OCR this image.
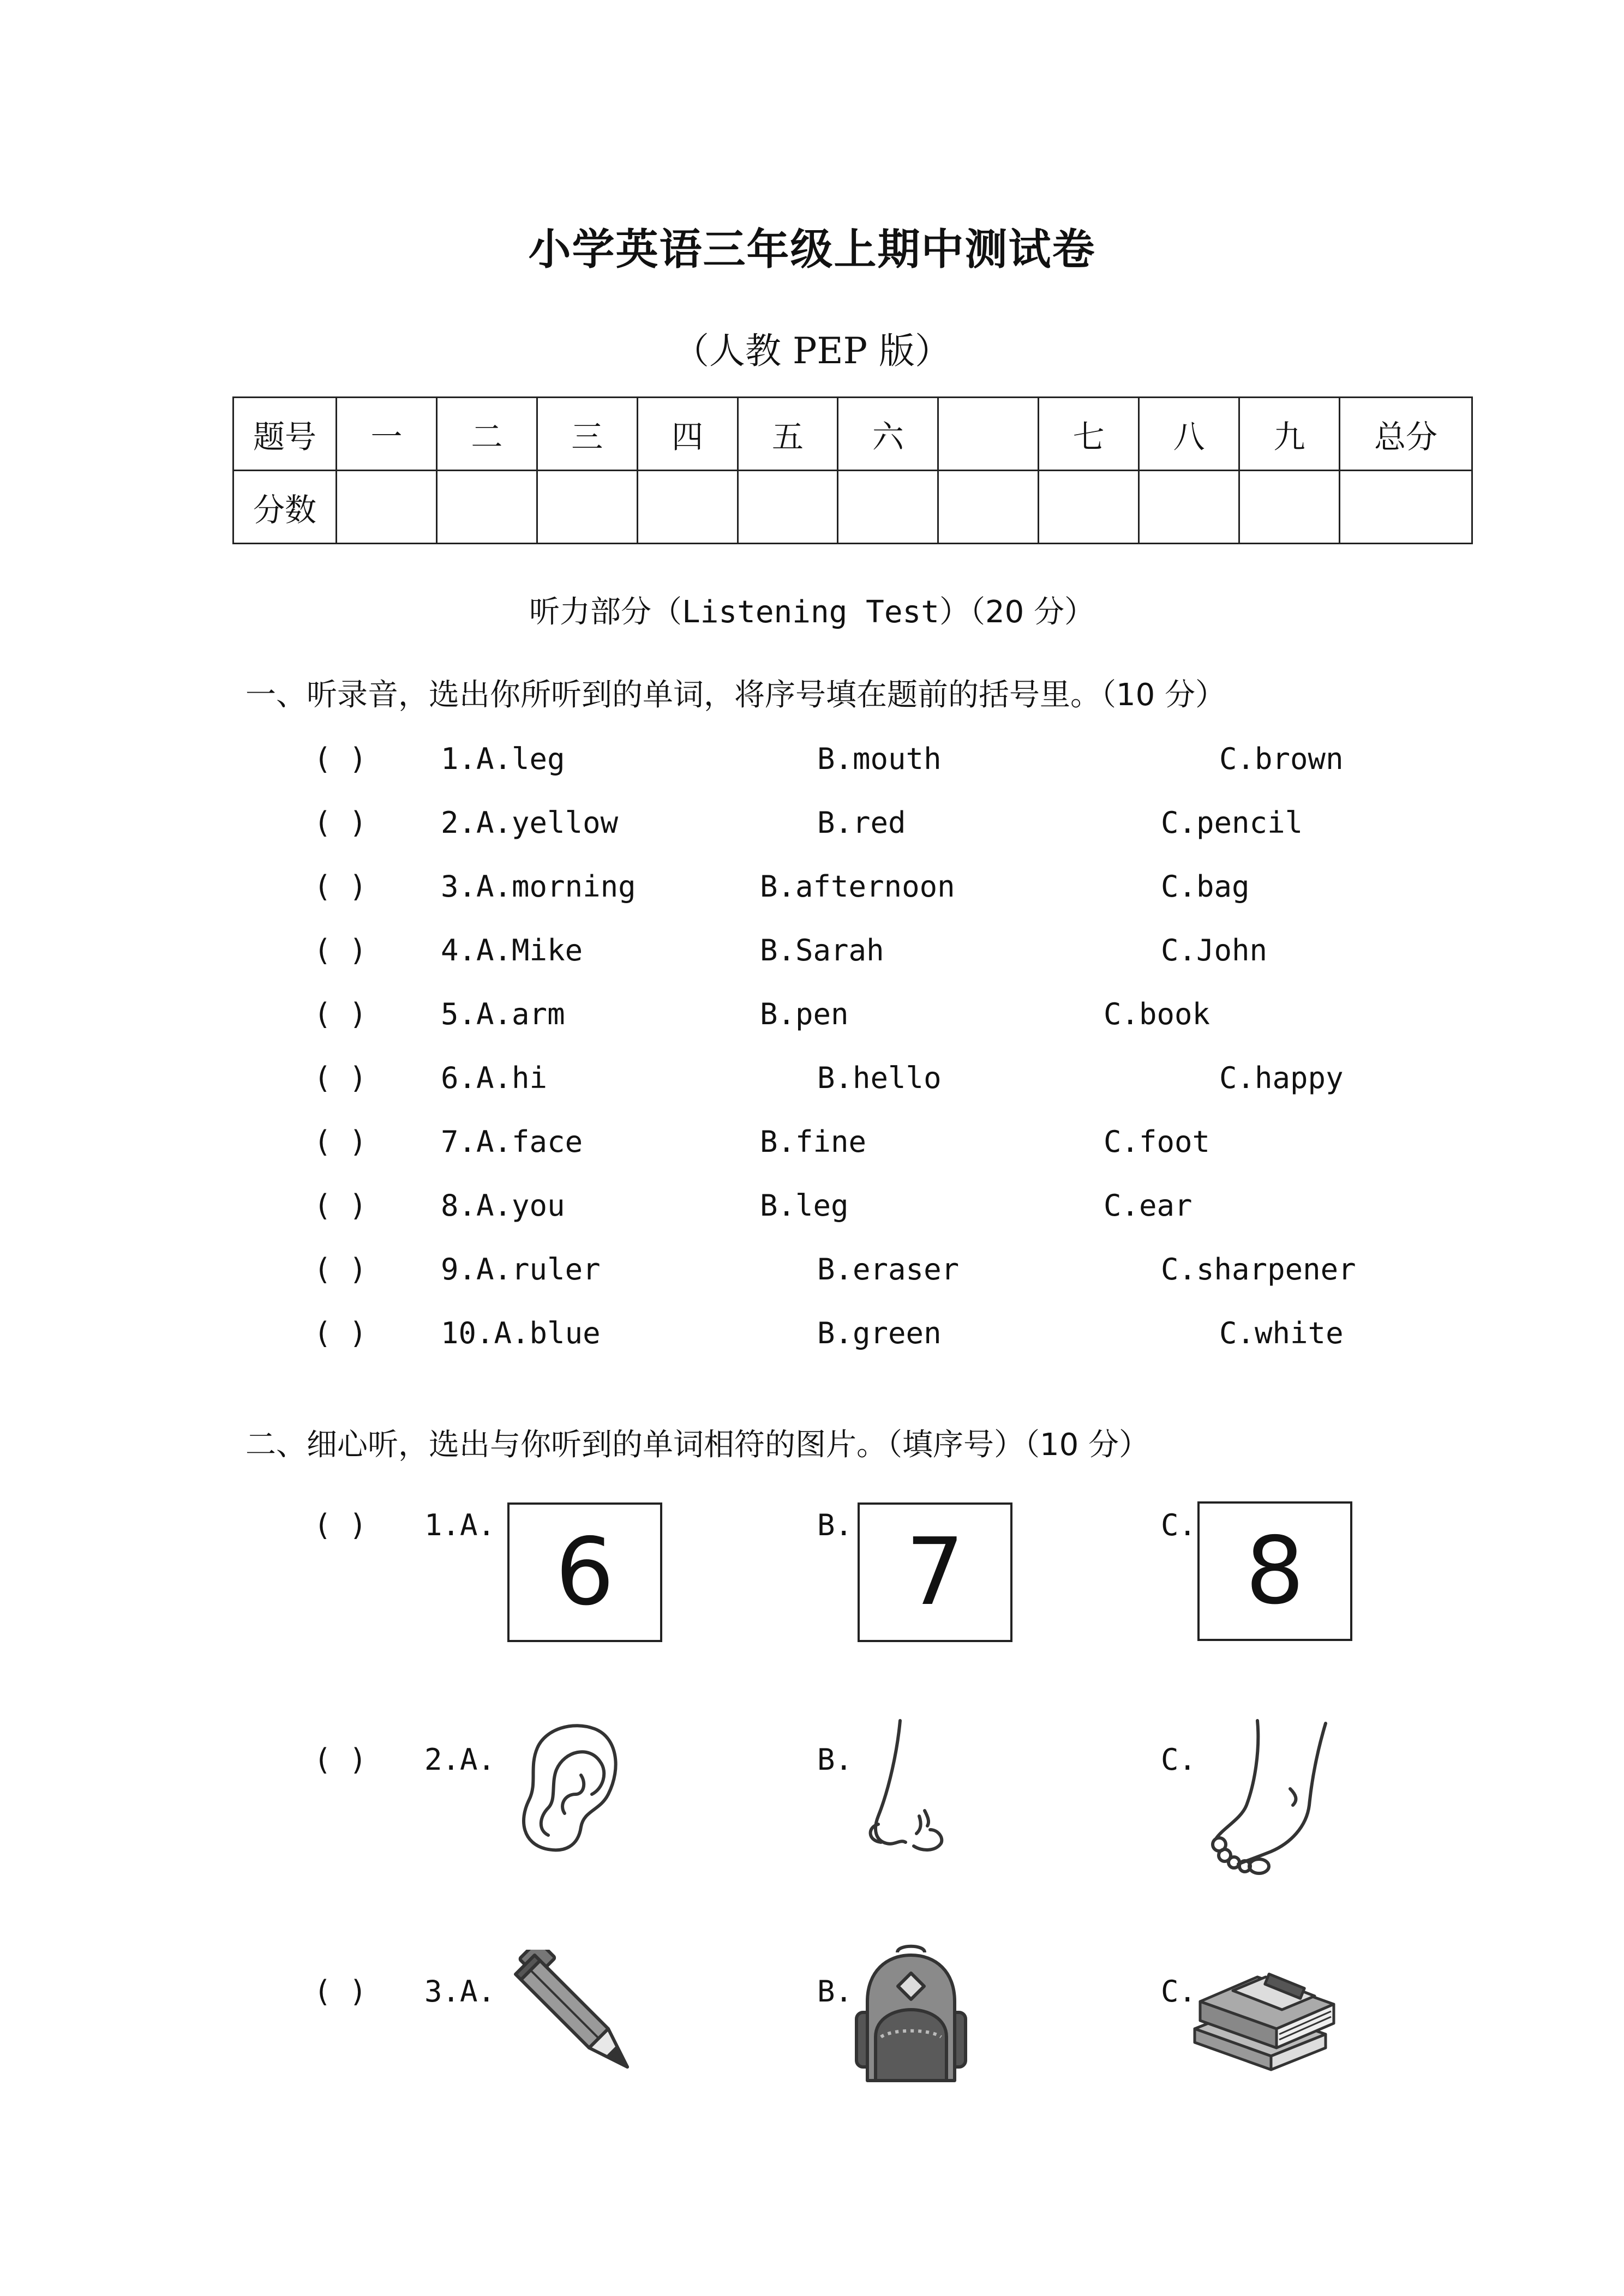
小学英语三年级上期中测试卷
（人教 PEP 版）
题号	一	二	三	四	五	六		七	八	九	总分
分数											
听力部分（Listening Test）（20 分）
一、听录音，选出你所听到的单词，将序号填在题前的括号里。（10 分）
( )	1.A.leg	B.mouth	C.brown
( )	2.A.yellow	B.red	C.pencil
( )	3.A.morning	B.afternoon	C.bag
( )	4.A.Mike	B.Sarah	C.John
( )	5.A.arm	B.pen	C.book
( )	6.A.hi	B.hello	C.happy
( )	7.A.face	B.fine	C.foot
( )	8.A.you	B.leg	C.ear
( )	9.A.ruler	B.eraser	C.sharpener
( )	10.A.blue	B.green	C.white
二、细心听，选出与你听到的单词相符的图片。（填序号）（10 分）
( ) 1.A. 6	B. 7	C. 8
( ) 2.A.	B.	C.
( ) 3.A.	B.	C.
